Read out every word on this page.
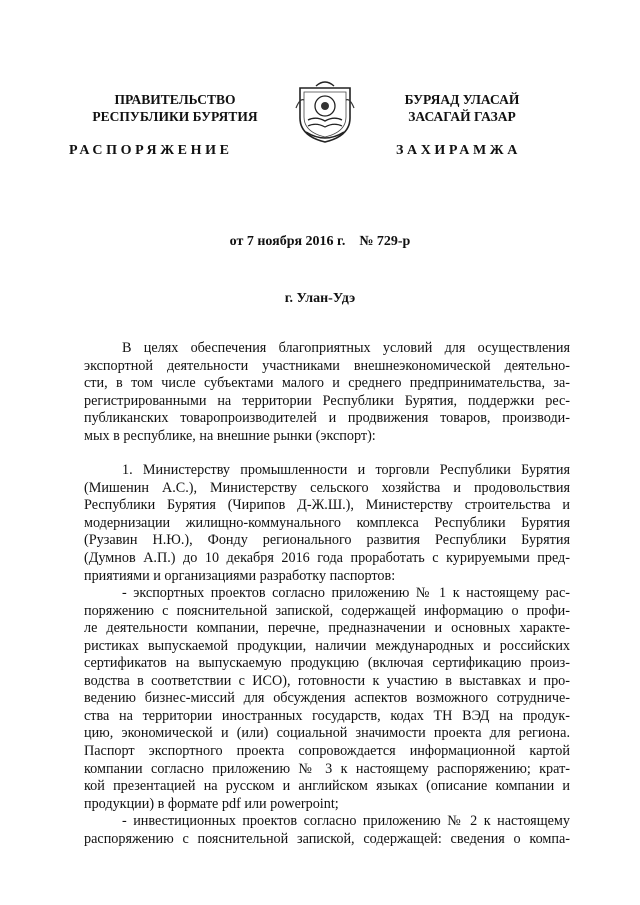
ПРАВИТЕЛЬСТВО
РЕСПУБЛИКИ БУРЯТИЯ
БУРЯАД УЛАСАЙ
ЗАСАГАЙ ГАЗАР
РАСПОРЯЖЕНИЕ	ЗАХИРАМЖА
от 7 ноября 2016 г.    № 729-р
г. Улан-Удэ

В целях обеспечения благоприятных условий для осуществления

экспортной деятельности участниками внешнеэкономической деятельно-

сти, в том числе субъектами малого и среднего предпринимательства, за-

регистрированными на территории Республики Бурятия, поддержки рес-

публиканских товаропроизводителей и продвижения товаров, производи-

мых в республике, на внешние рынки (экспорт):

1. Министерству промышленности и торговли Республики Бурятия

(Мишенин А.С.), Министерству сельского хозяйства и продовольствия

Республики Бурятия (Чирипов Д-Ж.Ш.), Министерству строительства и

модернизации жилищно-коммунального комплекса Республики Бурятия

(Рузавин Н.Ю.), Фонду регионального развития Республики Бурятия

(Думнов А.П.) до 10 декабря 2016 года проработать с курируемыми пред-

приятиями и организациями разработку паспортов:

- экспортных проектов согласно приложению № 1 к настоящему рас-

поряжению с пояснительной запиской, содержащей информацию о профи-

ле деятельности компании, перечне, предназначении и основных характе-

ристиках выпускаемой продукции, наличии международных и российских

сертификатов на выпускаемую продукцию (включая сертификацию произ-

водства в соответствии с ИСО), готовности к участию в выставках и про-

ведению бизнес-миссий для обсуждения аспектов возможного сотрудниче-

ства на территории иностранных государств, кодах ТН ВЭД на продук-

цию, экономической и (или) социальной значимости проекта для региона.

Паспорт экспортного проекта сопровождается информационной картой

компании согласно приложению № 3 к настоящему распоряжению; крат-

кой презентацией на русском и английском языках (описание компании и

продукции) в формате pdf или powerpoint;

- инвестиционных проектов согласно приложению № 2 к настоящему

распоряжению с пояснительной запиской, содержащей: сведения о компа-
